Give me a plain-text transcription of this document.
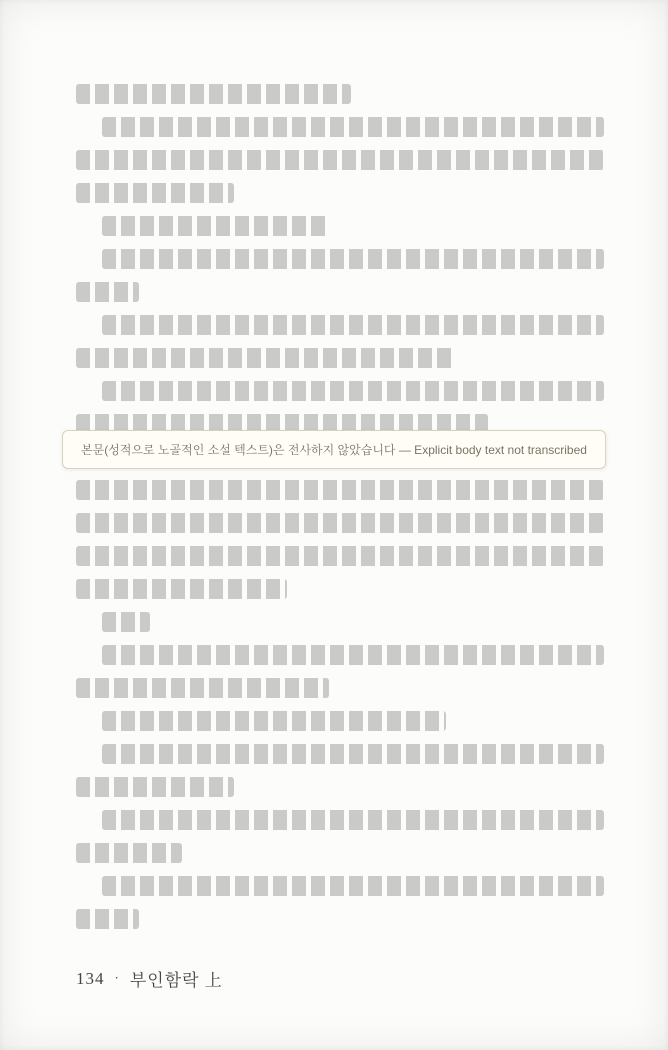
본문(성적으로 노골적인 소설 텍스트)은 전사하지 않았습니다 — Explicit body text not transcribed
134 · 부인함락 上
